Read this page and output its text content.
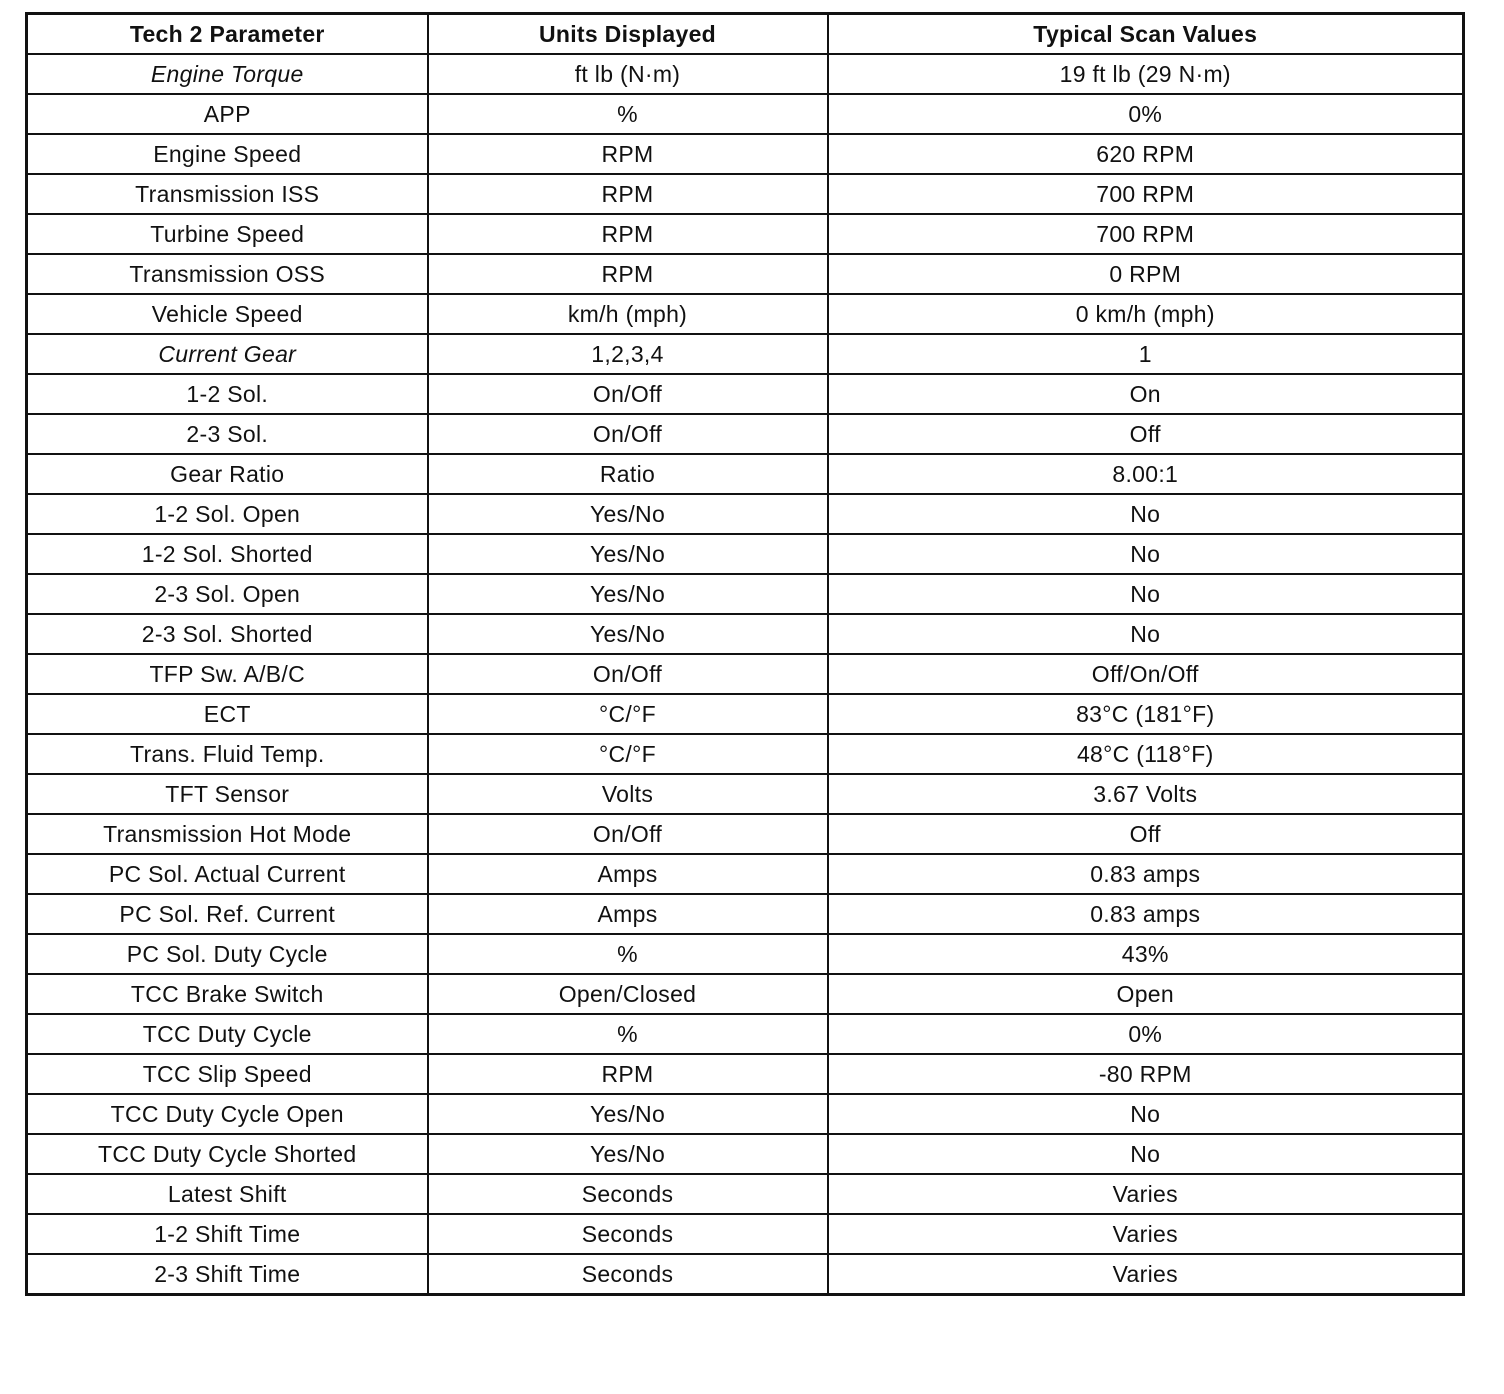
Tech 2 Parameter	Units Displayed	Typical Scan Values
Engine Torque	ft lb (N·m)	19 ft lb (29 N·m)
APP	%	0%
Engine Speed	RPM	620 RPM
Transmission ISS	RPM	700 RPM
Turbine Speed	RPM	700 RPM
Transmission OSS	RPM	0 RPM
Vehicle Speed	km/h (mph)	0 km/h (mph)
Current Gear	1,2,3,4	1
1-2 Sol.	On/Off	On
2-3 Sol.	On/Off	Off
Gear Ratio	Ratio	8.00:1
1-2 Sol. Open	Yes/No	No
1-2 Sol. Shorted	Yes/No	No
2-3 Sol. Open	Yes/No	No
2-3 Sol. Shorted	Yes/No	No
TFP Sw. A/B/C	On/Off	Off/On/Off
ECT	°C/°F	83°C (181°F)
Trans. Fluid Temp.	°C/°F	48°C (118°F)
TFT Sensor	Volts	3.67 Volts
Transmission Hot Mode	On/Off	Off
PC Sol. Actual Current	Amps	0.83 amps
PC Sol. Ref. Current	Amps	0.83 amps
PC Sol. Duty Cycle	%	43%
TCC Brake Switch	Open/Closed	Open
TCC Duty Cycle	%	0%
TCC Slip Speed	RPM	-80 RPM
TCC Duty Cycle Open	Yes/No	No
TCC Duty Cycle Shorted	Yes/No	No
Latest Shift	Seconds	Varies
1-2 Shift Time	Seconds	Varies
2-3 Shift Time	Seconds	Varies
